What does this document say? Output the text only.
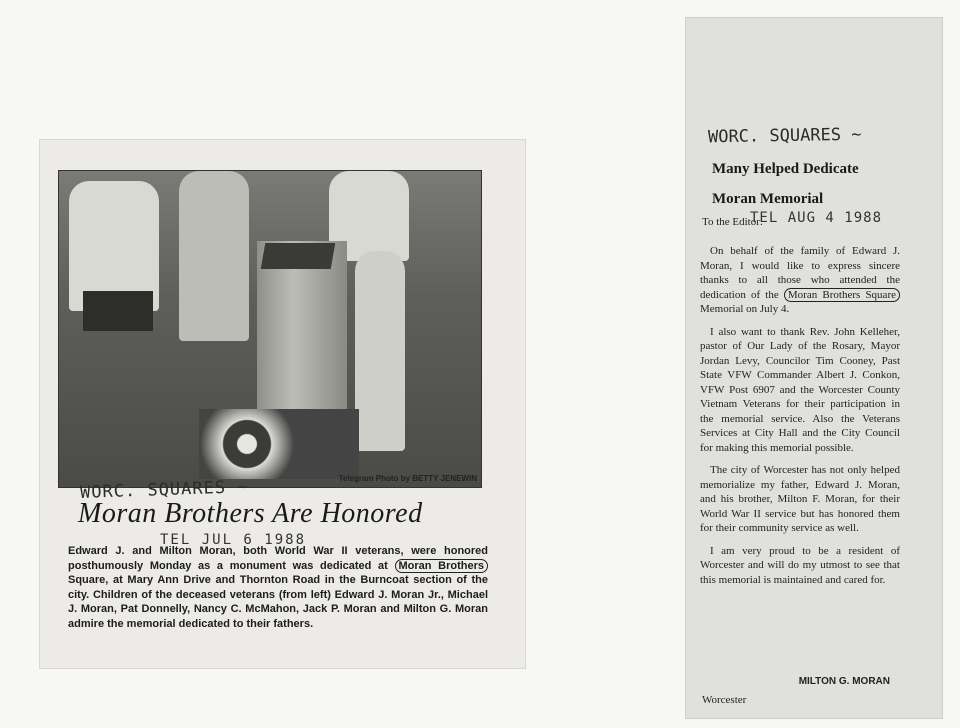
Telegram Photo by BETTY JENEWIN
WORC. SQUARES ~
Moran Brothers Are Honored
TEL JUL 6 1988
Edward J. and Milton Moran, both World War II veterans, were honored posthumously Monday as a monument was dedicated at Moran Brothers Square, at Mary Ann Drive and Thornton Road in the Burncoat section of the city. Children of the deceased veterans (from left) Edward J. Moran Jr., Michael J. Moran, Pat Donnelly, Nancy C. McMahon, Jack P. Moran and Milton G. Moran admire the memorial dedicated to their fathers.
WORC. SQUARES ~
Many Helped Dedicate
Moran Memorial
To the Editor:
TEL AUG 4 1988

On behalf of the family of Edward J. Moran, I would like to express sincere thanks to all those who attended the dedication of the Moran Brothers Square Memorial on July 4.

I also want to thank Rev. John Kelleher, pastor of Our Lady of the Rosary, Mayor Jordan Levy, Councilor Tim Cooney, Past State VFW Commander Albert J. Conkon, VFW Post 6907 and the Worcester County Vietnam Veterans for their participation in the memorial service. Also the Veterans Services at City Hall and the City Council for making this memorial possible.

The city of Worcester has not only helped memorialize my father, Edward J. Moran, and his brother, Milton F. Moran, for their World War II service but has honored them for their community service as well.

I am very proud to be a resident of Worcester and will do my utmost to see that this memorial is maintained and cared for.

MILTON G. MORAN
Worcester
